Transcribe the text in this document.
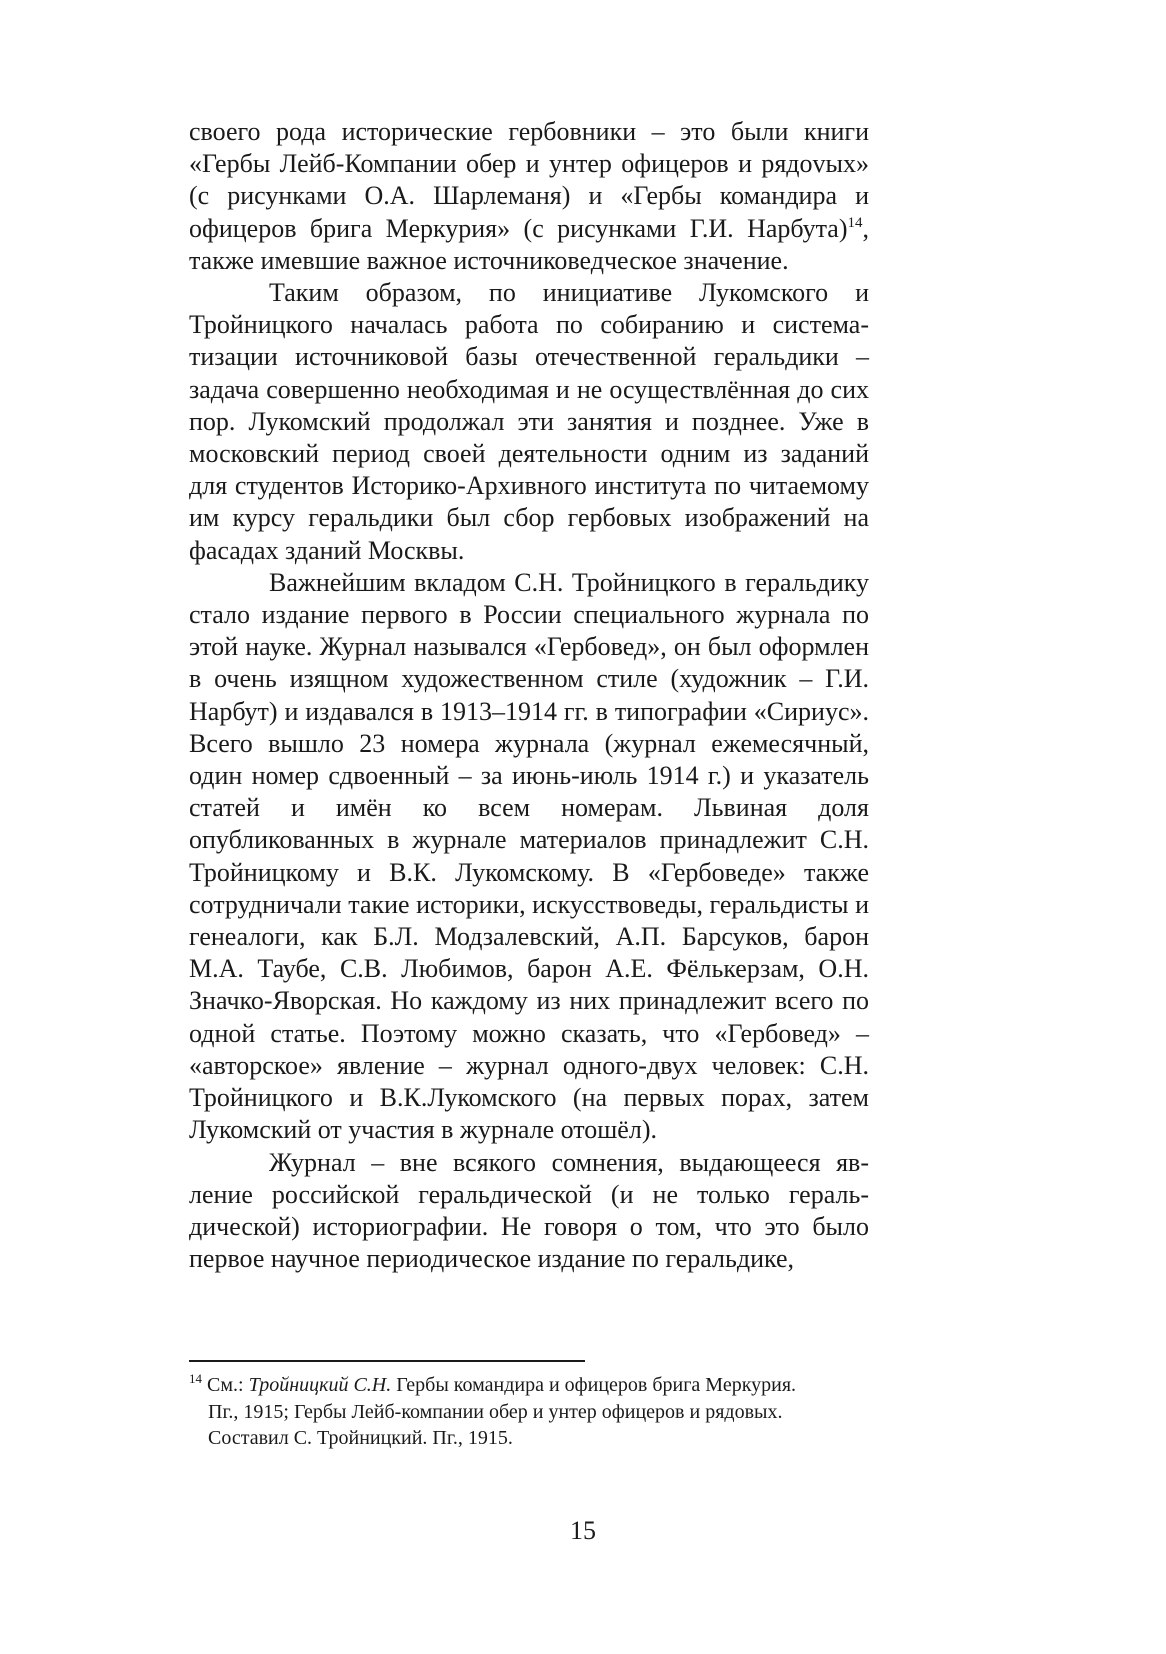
своего рода исторические гербовники – это были книги «Гербы Лейб-Компании обер и унтер офицеров и рядоvых» (с рисунками О.А. Шарлеманя) и «Гербы командира и офицеров брига Меркурия» (с рисунками Г.И. Нарбута)$^{14}$, также имевшие важное источниковедческое значение.

Таким образом, по инициативе Лукомского и Тройницкого началась работа по собиранию и систематизации источниковой базы отечественной геральдики – задача совершенно необходимая и не осуществлённая до сих пор. Лукомский продолжал эти занятия и позднее. Уже в московский период своей деятельности одним из заданий для студентов Историко-Архивного института по читаемому им курсу геральдики был сбор гербовых изображений на фасадах зданий Москвы.

Важнейшим вкладом С.Н. Тройницкого в геральдику стало издание первого в России специального журнала по этой науке. Журнал назывался «Гербовед», он был оформлен в очень изящном художественном стиле (художник – Г.И. Нарбут) и издавался в 1913–1914 гг. в типографии «Сириус». Всего вышло 23 номера журнала (журнал ежемесячный, один номер сдвоенный – за июнь-июль 1914 г.) и указатель статей и имён ко всем номерам. Львиная доля опубликованных в журнале материалов принадлежит С.Н. Тройницкому и В.К. Лукомскому. В «Гербоведе» также сотрудничали такие историки, искусствоведы, геральдисты и генеалоги, как Б.Л. Модзалевский, А.П. Барсуков, барон М.А. Таубе, С.В. Любимов, барон А.Е. Фёлькерзам, О.Н. Значко-Яворская. Но каждому из них принадлежит всего по одной статье. Поэтому можно сказать, что «Гербовед» – «авторское» явление – журнал одного-двух человек: С.Н. Тройницкого и В.К.Лукомского (на первых порах, затем Лукомский от участия в журнале отошёл).

Журнал – вне всякого сомнения, выдающееся явление российской геральдической (и не только геральдической) историографии. Не говоря о том, что это было первое научное периодическое издание по геральдике,

$^{14}$ См.: Тройницкий С.Н. Гербы командира и офицеров брига Меркурия.
Пг., 1915; Гербы Лейб-компании обер и унтер офицеров и рядовых.
Составил С. Тройницкий. Пг., 1915.
15
